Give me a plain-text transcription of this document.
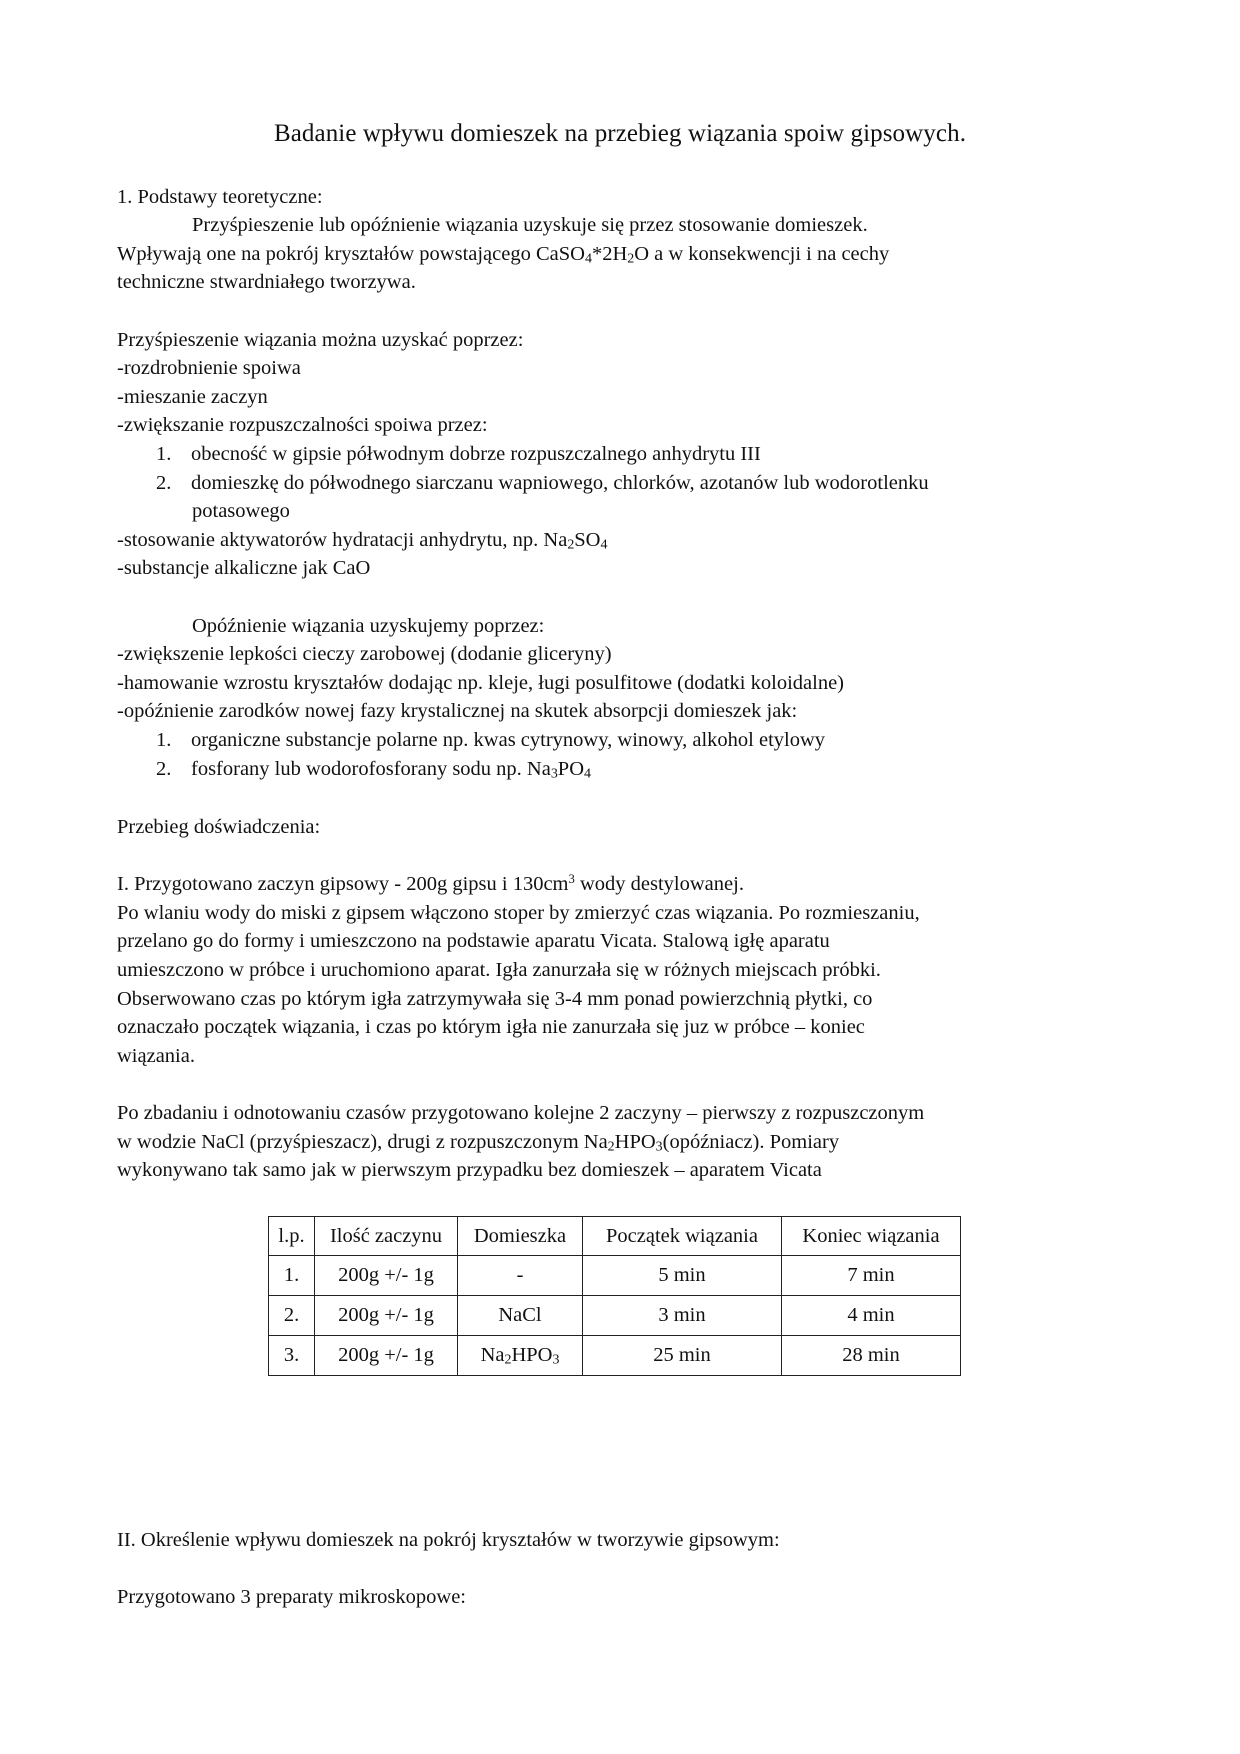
Badanie wpływu domieszek na przebieg wiązania spoiw gipsowych.
1. Podstawy teoretyczne:
Przyśpieszenie lub opóźnienie wiązania uzyskuje się przez stosowanie domieszek.
Wpływają one na pokrój kryształów powstającego $CaSO_4*2H_2O$ a w konsekwencji i na cechy
techniczne stwardniałego tworzywa.
Przyśpieszenie wiązania można uzyskać poprzez:
-rozdrobnienie spoiwa
-mieszanie zaczyn
-zwiększanie rozpuszczalności spoiwa przez:
1. obecność w gipsie półwodnym dobrze rozpuszczalnego anhydrytu III
2. domieszkę do półwodnego siarczanu wapniowego, chlorków, azotanów lub wodorotlenku
potasowego
-stosowanie aktywatorów hydratacji anhydrytu, np. $Na_2SO_4$
-substancje alkaliczne jak CaO
Opóźnienie wiązania uzyskujemy poprzez:
-zwiększenie lepkości cieczy zarobowej (dodanie gliceryny)
-hamowanie wzrostu kryształów dodając np. kleje, ługi posulfitowe (dodatki koloidalne)
-opóźnienie zarodków nowej fazy krystalicznej na skutek absorpcji domieszek jak:
1. organiczne substancje polarne np. kwas cytrynowy, winowy, alkohol etylowy
2. fosforany lub wodorofosforany sodu np. $Na_3PO_4$
Przebieg doświadczenia:
I. Przygotowano zaczyn gipsowy - 200g gipsu i $130cm^3$ wody destylowanej.
Po wlaniu wody do miski z gipsem włączono stoper by zmierzyć czas wiązania. Po rozmieszaniu,
przelano go do formy i umieszczono na podstawie aparatu Vicata. Stalową igłę aparatu
umieszczono w próbce i uruchomiono aparat. Igła zanurzała się w różnych miejscach próbki.
Obserwowano czas po którym igła zatrzymywała się 3-4 mm ponad powierzchnią płytki, co
oznaczało początek wiązania, i czas po którym igła nie zanurzała się juz w próbce – koniec
wiązania.
Po zbadaniu i odnotowaniu czasów przygotowano kolejne 2 zaczyny – pierwszy z rozpuszczonym
w wodzie NaCl (przyśpieszacz), drugi z rozpuszczonym $Na_2HPO_3(opóźniacz)$. Pomiary
wykonywano tak samo jak w pierwszym przypadku bez domieszek – aparatem Vicata
l.p.	Ilość zaczynu	Domieszka	Początek wiązania	Koniec wiązania
1.	200g +/- 1g	-	5 min	7 min
2.	200g +/- 1g	NaCl	3 min	4 min
3.	200g +/- 1g	$Na_2HPO_3$	25 min	28 min
II. Określenie wpływu domieszek na pokrój kryształów w tworzywie gipsowym:
Przygotowano 3 preparaty mikroskopowe:
